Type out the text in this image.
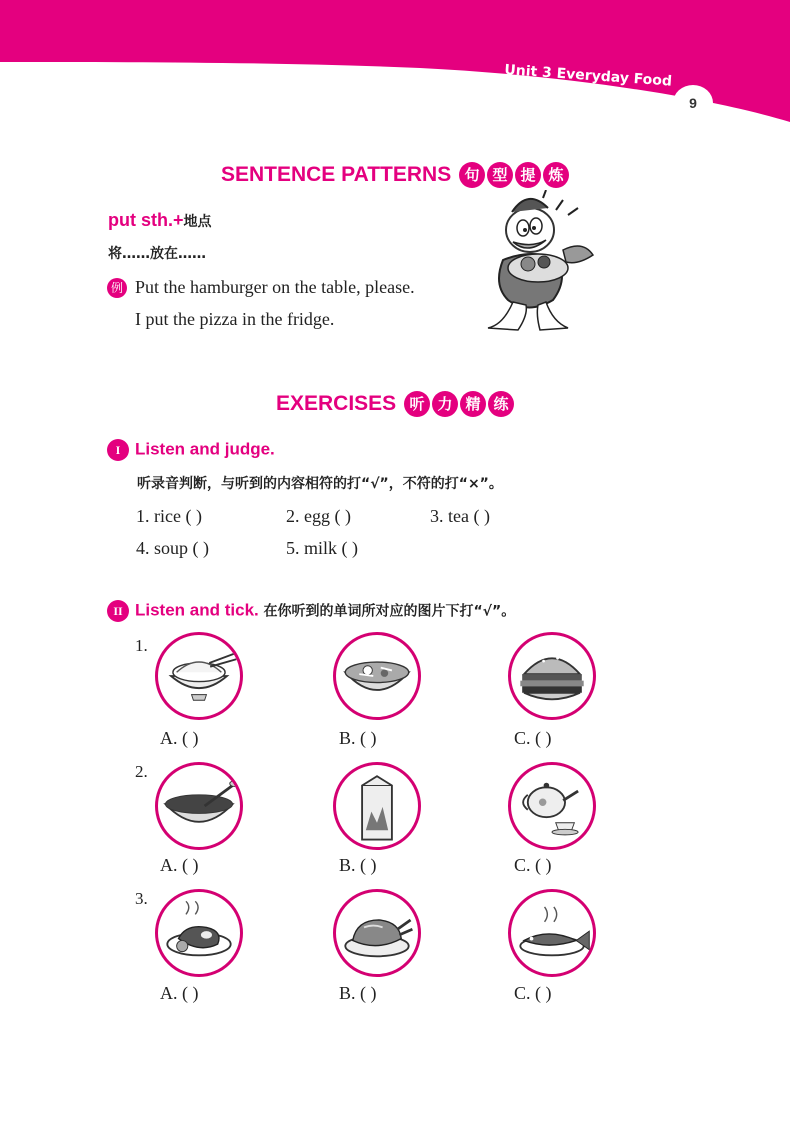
Unit 3 Everyday Food
9
SENTENCE PATTERNS 句 型 提 炼
put sth.+地点
将……放在……
例 Put the hamburger on the table, please.
I put the pizza in the fridge.
EXERCISES 听 力 精 练
I Listen and judge.
听录音判断，与听到的内容相符的打“√”，不符的打“×”。
1. rice ( )	2. egg ( )	3. tea ( )
4. soup ( )	5. milk ( )
II Listen and tick. 在你听到的单词所对应的图片下打“√”。
1.
A. ( )	B. ( )	C. ( )
2.
A. ( )	B. ( )	C. ( )
3.
A. ( )	B. ( )	C. ( )
